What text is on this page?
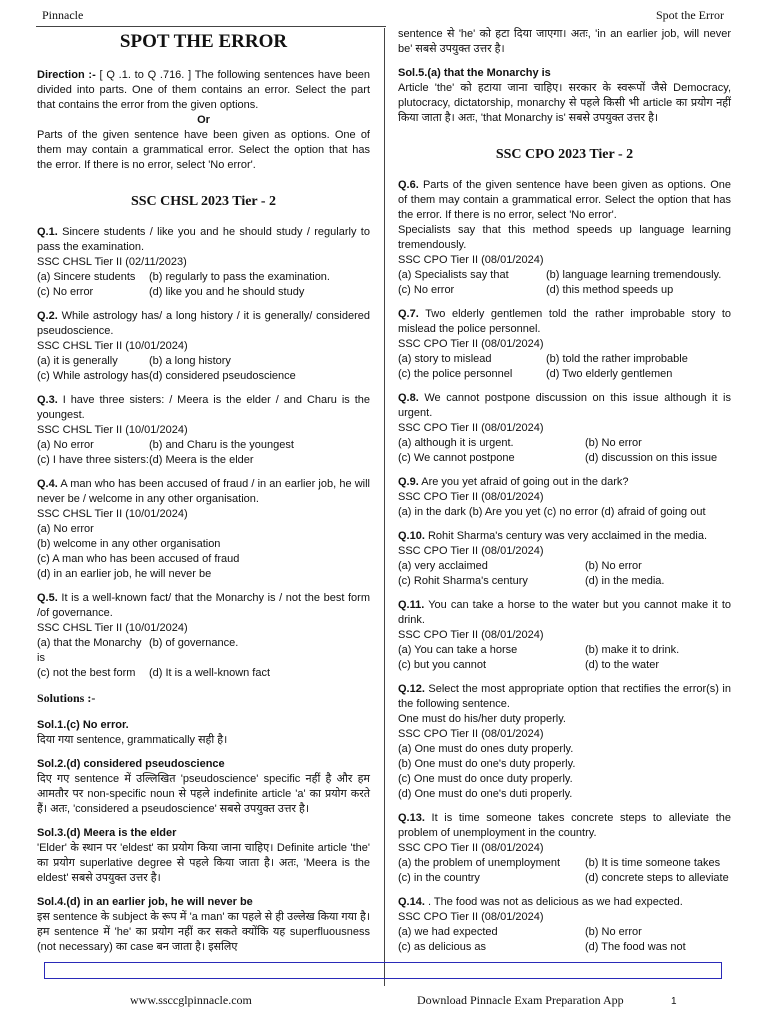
Pinnacle	Spot the Error
SPOT THE ERROR
Direction :- [ Q .1. to Q .716. ] The following sentences have been divided into parts. One of them contains an error. Select the part that contains the error from the given options.
Or
Parts of the given sentence have been given as options. One of them may contain a grammatical error. Select the option that has the error. If there is no error, select 'No error'.
SSC CHSL 2023 Tier - 2
Q.1. Sincere students / like you and he should study / regularly to pass the examination.
SSC CHSL Tier II (02/11/2023)
(a) Sincere students	(b) regularly to pass the examination.
(c) No error	(d) like you and he should study
Q.2. While astrology has/ a long history / it is generally/ considered pseudoscience.
SSC CHSL Tier II (10/01/2024)
(a) it is generally	(b) a long history
(c) While astrology has (d) considered pseudoscience
Q.3. I have three sisters: / Meera is the elder / and Charu is the youngest.
SSC CHSL Tier II (10/01/2024)
(a) No error	(b) and Charu is the youngest
(c) I have three sisters: (d) Meera is the elder
Q.4. A man who has been accused of fraud / in an earlier job, he will never be / welcome in any other organisation.
SSC CHSL Tier II (10/01/2024)
(a) No error
(b) welcome in any other organisation
(c) A man who has been accused of fraud
(d) in an earlier job, he will never be
Q.5. It is a well-known fact/ that the Monarchy is / not the best form /of governance.
SSC CHSL Tier II (10/01/2024)
(a) that the Monarchy is
(b) of governance.
(c) not the best form	(d) It is a well-known fact
Solutions :-
Sol.1.(c) No error.
दिया गया sentence, grammatically सही है।
Sol.2.(d) considered pseudoscience
दिए गए sentence में उल्लिखित 'pseudoscience' specific नहीं है और हम आमतौर पर non-specific noun से पहले indefinite article 'a' का प्रयोग करते हैं। अतः, 'considered a pseudoscience' सबसे उपयुक्त उत्तर है।
Sol.3.(d) Meera is the elder
'Elder' के स्थान पर 'eldest' का प्रयोग किया जाना चाहिए। Definite article 'the' का प्रयोग superlative degree से पहले किया जाता है। अतः, 'Meera is the eldest' सबसे उपयुक्त उत्तर है।
Sol.4.(d) in an earlier job, he will never be
इस sentence के subject के रूप में 'a man' का पहले से ही उल्लेख किया गया है। हम sentence में 'he' का प्रयोग नहीं कर सकते क्योंकि यह superfluousness (not necessary) का case बन जाता है। इसलिए
sentence से 'he' को हटा दिया जाएगा। अतः, 'in an earlier job, will never be' सबसे उपयुक्त उत्तर है।
Sol.5.(a) that the Monarchy is
Article 'the' को हटाया जाना चाहिए। सरकार के स्वरूपों जैसे Democracy, plutocracy, dictatorship, monarchy से पहले किसी भी article का प्रयोग नहीं किया जाता है। अतः, 'that Monarchy is' सबसे उपयुक्त उत्तर है।
SSC CPO 2023 Tier - 2
Q.6. Parts of the given sentence have been given as options. One of them may contain a grammatical error. Select the option that has the error. If there is no error, select 'No error'.
Specialists say that this method speeds up language learning tremendously.
SSC CPO Tier II (08/01/2024)
(a) Specialists say that	(b) language learning tremendously.
(c) No error	(d) this method speeds up
Q.7. Two elderly gentlemen told the rather improbable story to mislead the police personnel.
SSC CPO Tier II (08/01/2024)
(a) story to mislead	(b) told the rather improbable
(c) the police personnel	(d) Two elderly gentlemen
Q.8. We cannot postpone discussion on this issue although it is urgent.
SSC CPO Tier II (08/01/2024)
(a) although it is urgent.	(b) No error
(c) We cannot postpone	(d) discussion on this issue
Q.9. Are you yet afraid of going out in the dark?
SSC CPO Tier II (08/01/2024)
(a) in the dark (b) Are you yet (c) no error (d) afraid of going out
Q.10. Rohit Sharma's century was very acclaimed in the media.
SSC CPO Tier II (08/01/2024)
(a) very acclaimed	(b) No error
(c) Rohit Sharma's century	(d) in the media.
Q.11. You can take a horse to the water but you cannot make it to drink.
SSC CPO Tier II (08/01/2024)
(a) You can take a horse	(b) make it to drink.
(c) but you cannot	(d) to the water
Q.12. Select the most appropriate option that rectifies the error(s) in the following sentence.
One must do his/her duty properly.
SSC CPO Tier II (08/01/2024)
(a) One must do ones duty properly.
(b) One must do one's duty properly.
(c) One must do once duty properly.
(d) One must do one's duti properly.
Q.13. It is time someone takes concrete steps to alleviate the problem of unemployment in the country.
SSC CPO Tier II (08/01/2024)
(a) the problem of unemployment	(b) It is time someone takes
(c) in the country	(d) concrete steps to alleviate
Q.14. . The food was not as delicious as we had expected.
SSC CPO Tier II (08/01/2024)
(a) we had expected	(b) No error
(c) as delicious as	(d) The food was not
www.ssccglpinnacle.com	Download Pinnacle Exam Preparation App	1
